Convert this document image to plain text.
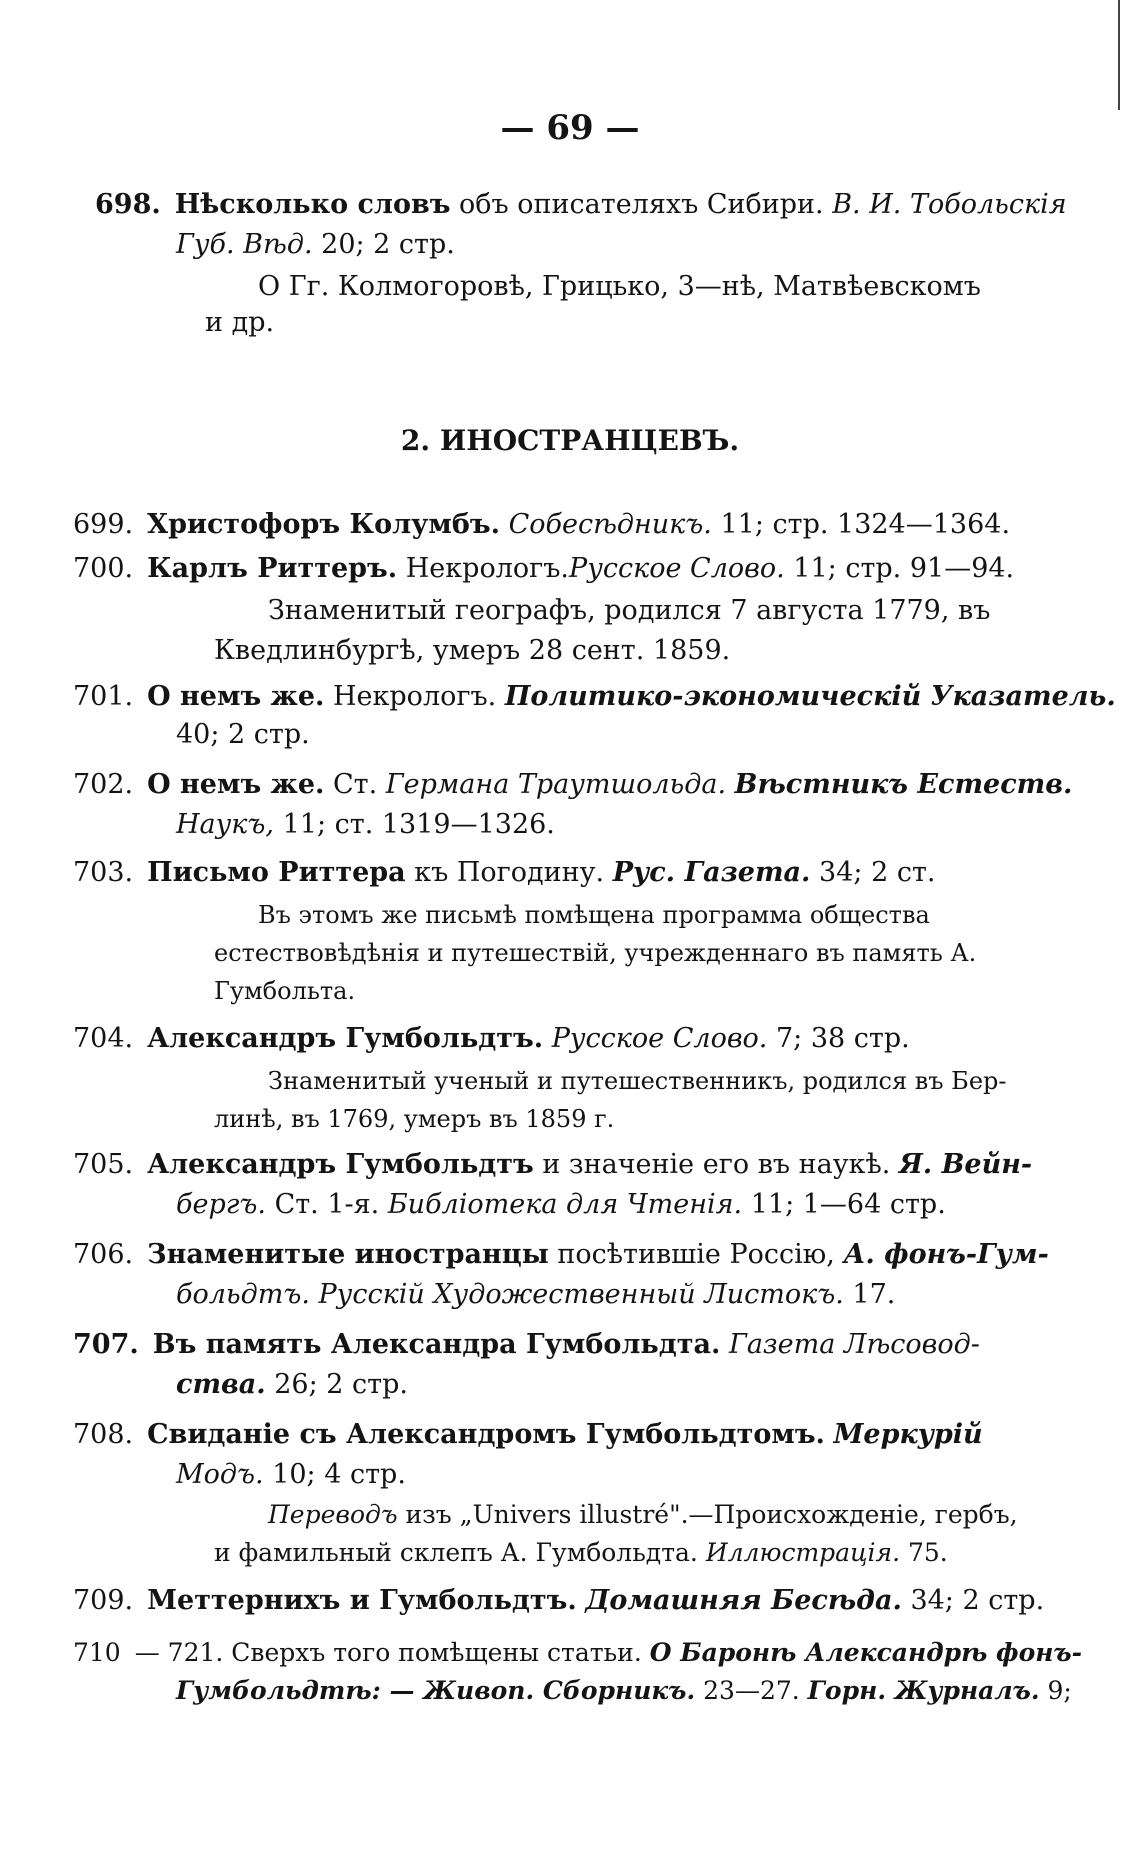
— 69 —
698. Нѣсколько словъ объ описателяхъ Сибири. В. И. Тобольскія
Губ. Вѣд. 20; 2 стр.
О Гг. Колмогоровѣ, Грицько, 3—нѣ, Матвѣевскомъ
и др.
2. ИНОСТРАНЦЕВЪ.
699. Христофоръ Колумбъ. Собесѣдникъ. 11; стр. 1324—1364.
700. Карлъ Риттеръ. Некрологъ.Русское Слово. 11; стр. 91—94.
Знаменитый географъ, родился 7 августа 1779, въ
Кведлинбургѣ, умеръ 28 сент. 1859.
701. О немъ же. Некрологъ. Политико-экономическій Указатель.
40; 2 стр.
702. О немъ же. Ст. Германа Траутшольда. Вѣстникъ Естеств.
Наукъ, 11; ст. 1319—1326.
703. Письмо Риттера къ Погодину. Рус. Газета. 34; 2 ст.
Въ этомъ же письмѣ помѣщена программа общества
естествовѣдѣнія и путешествій, учрежденнаго въ память А.
Гумбольта.
704. Александръ Гумбольдтъ. Русское Слово. 7; 38 стр.
Знаменитый ученый и путешественникъ, родился въ Бер-
линѣ, въ 1769, умеръ въ 1859 г.
705. Александръ Гумбольдтъ и значеніе его въ наукѣ. Я. Вейн-
бергъ. Ст. 1-я. Библіотека для Чтенія. 11; 1—64 стр.
706. Знаменитые иностранцы посѣтившіе Россію, А. фонъ-Гум-
больдтъ. Русскій Художественный Листокъ. 17.
707. Въ память Александра Гумбольдта. Газета Лѣсовод-
ства. 26; 2 стр.
708. Свиданіе съ Александромъ Гумбольдтомъ. Меркурій
Модъ. 10; 4 стр.
Переводъ изъ „Univers illustré".—Происхожденіе, гербъ,
и фамильный склепъ А. Гумбольдта. Иллюстрація. 75.
709. Меттернихъ и Гумбольдтъ. Домашняя Бесѣда. 34; 2 стр.
710 — 721. Сверхъ того помѣщены статьи. О Баронѣ Александрѣ фонъ-
Гумбольдтѣ: — Живоп. Сборникъ. 23—27. Горн. Журналъ. 9;
